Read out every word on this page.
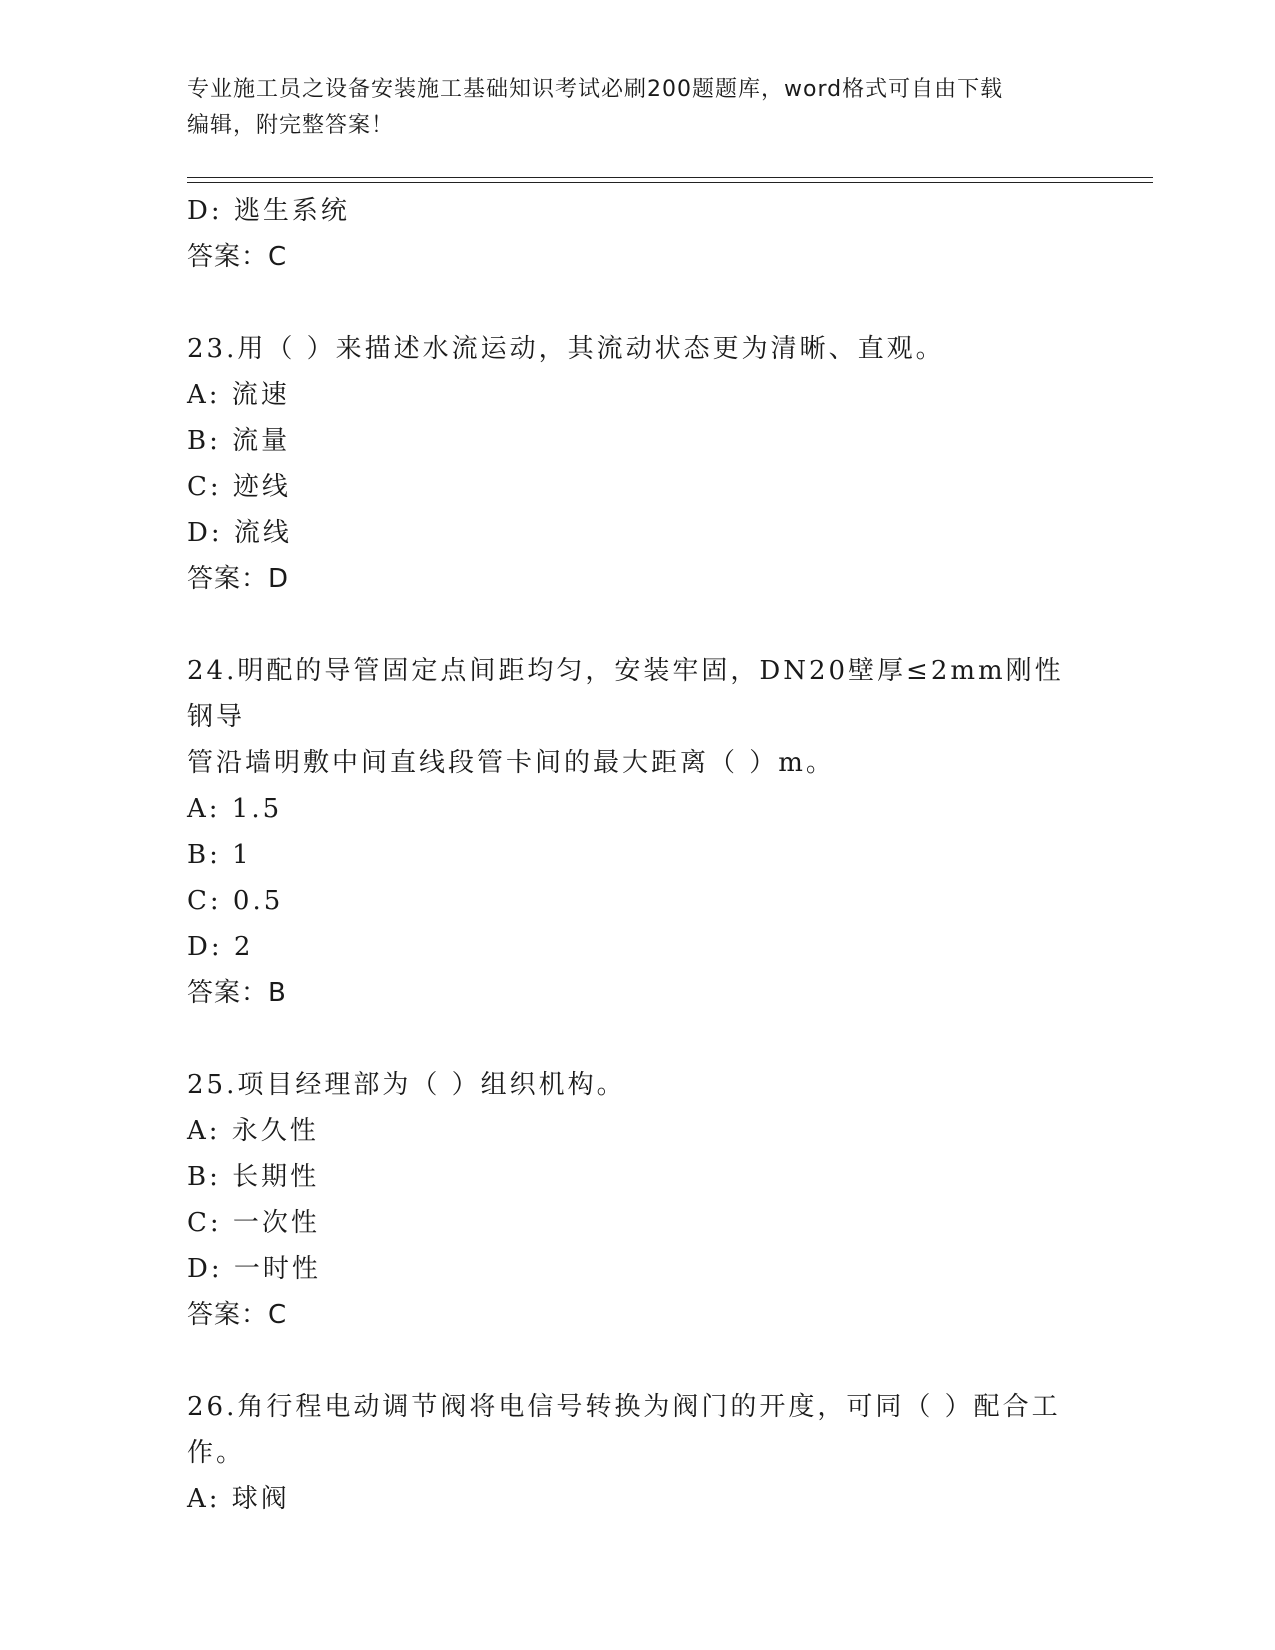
专业施工员之设备安装施工基础知识考试必刷200题题库，word格式可自由下载
编辑，附完整答案！
D: 逃生系统
答案：C
23.用（ ）来描述水流运动，其流动状态更为清晰、直观。
A: 流速
B: 流量
C: 迹线
D: 流线
答案：D
24.明配的导管固定点间距均匀，安装牢固，DN20壁厚≤2mm刚性钢导
管沿墙明敷中间直线段管卡间的最大距离（ ）m。
A: 1.5
B: 1
C: 0.5
D: 2
答案：B
25.项目经理部为（ ）组织机构。
A: 永久性
B: 长期性
C: 一次性
D: 一时性
答案：C
26.角行程电动调节阀将电信号转换为阀门的开度，可同（ ）配合工
作。
A: 球阀
